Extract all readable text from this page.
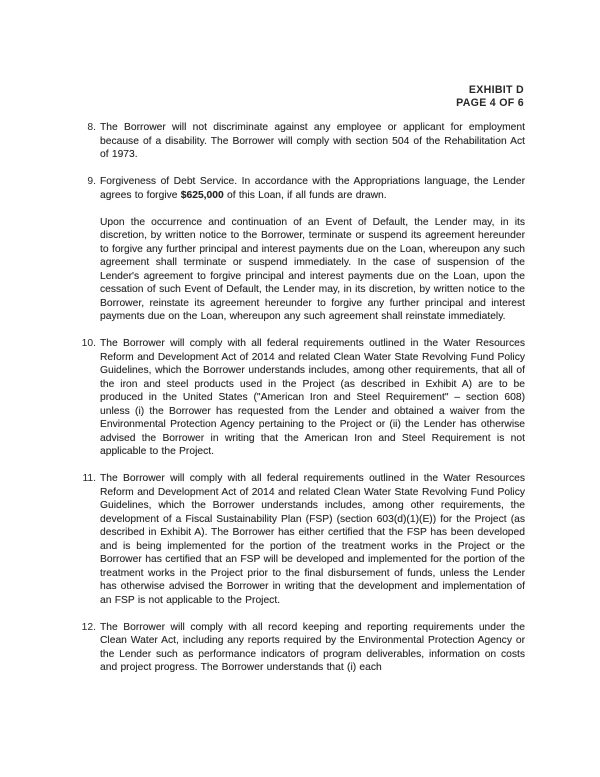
EXHIBIT D
PAGE 4 OF 6
8. The Borrower will not discriminate against any employee or applicant for employment because of a disability. The Borrower will comply with section 504 of the Rehabilitation Act of 1973.

9. Forgiveness of Debt Service. In accordance with the Appropriations language, the Lender agrees to forgive $625,000 of this Loan, if all funds are drawn.

Upon the occurrence and continuation of an Event of Default, the Lender may, in its discretion, by written notice to the Borrower, terminate or suspend its agreement hereunder to forgive any further principal and interest payments due on the Loan, whereupon any such agreement shall terminate or suspend immediately. In the case of suspension of the Lender's agreement to forgive principal and interest payments due on the Loan, upon the cessation of such Event of Default, the Lender may, in its discretion, by written notice to the Borrower, reinstate its agreement hereunder to forgive any further principal and interest payments due on the Loan, whereupon any such agreement shall reinstate immediately.

10. The Borrower will comply with all federal requirements outlined in the Water Resources Reform and Development Act of 2014 and related Clean Water State Revolving Fund Policy Guidelines, which the Borrower understands includes, among other requirements, that all of the iron and steel products used in the Project (as described in Exhibit A) are to be produced in the United States ("American Iron and Steel Requirement" – section 608) unless (i) the Borrower has requested from the Lender and obtained a waiver from the Environmental Protection Agency pertaining to the Project or (ii) the Lender has otherwise advised the Borrower in writing that the American Iron and Steel Requirement is not applicable to the Project.

11. The Borrower will comply with all federal requirements outlined in the Water Resources Reform and Development Act of 2014 and related Clean Water State Revolving Fund Policy Guidelines, which the Borrower understands includes, among other requirements, the development of a Fiscal Sustainability Plan (FSP) (section 603(d)(1)(E)) for the Project (as described in Exhibit A). The Borrower has either certified that the FSP has been developed and is being implemented for the portion of the treatment works in the Project or the Borrower has certified that an FSP will be developed and implemented for the portion of the treatment works in the Project prior to the final disbursement of funds, unless the Lender has otherwise advised the Borrower in writing that the development and implementation of an FSP is not applicable to the Project.

12. The Borrower will comply with all record keeping and reporting requirements under the Clean Water Act, including any reports required by the Environmental Protection Agency or the Lender such as performance indicators of program deliverables, information on costs and project progress. The Borrower understands that (i) each
